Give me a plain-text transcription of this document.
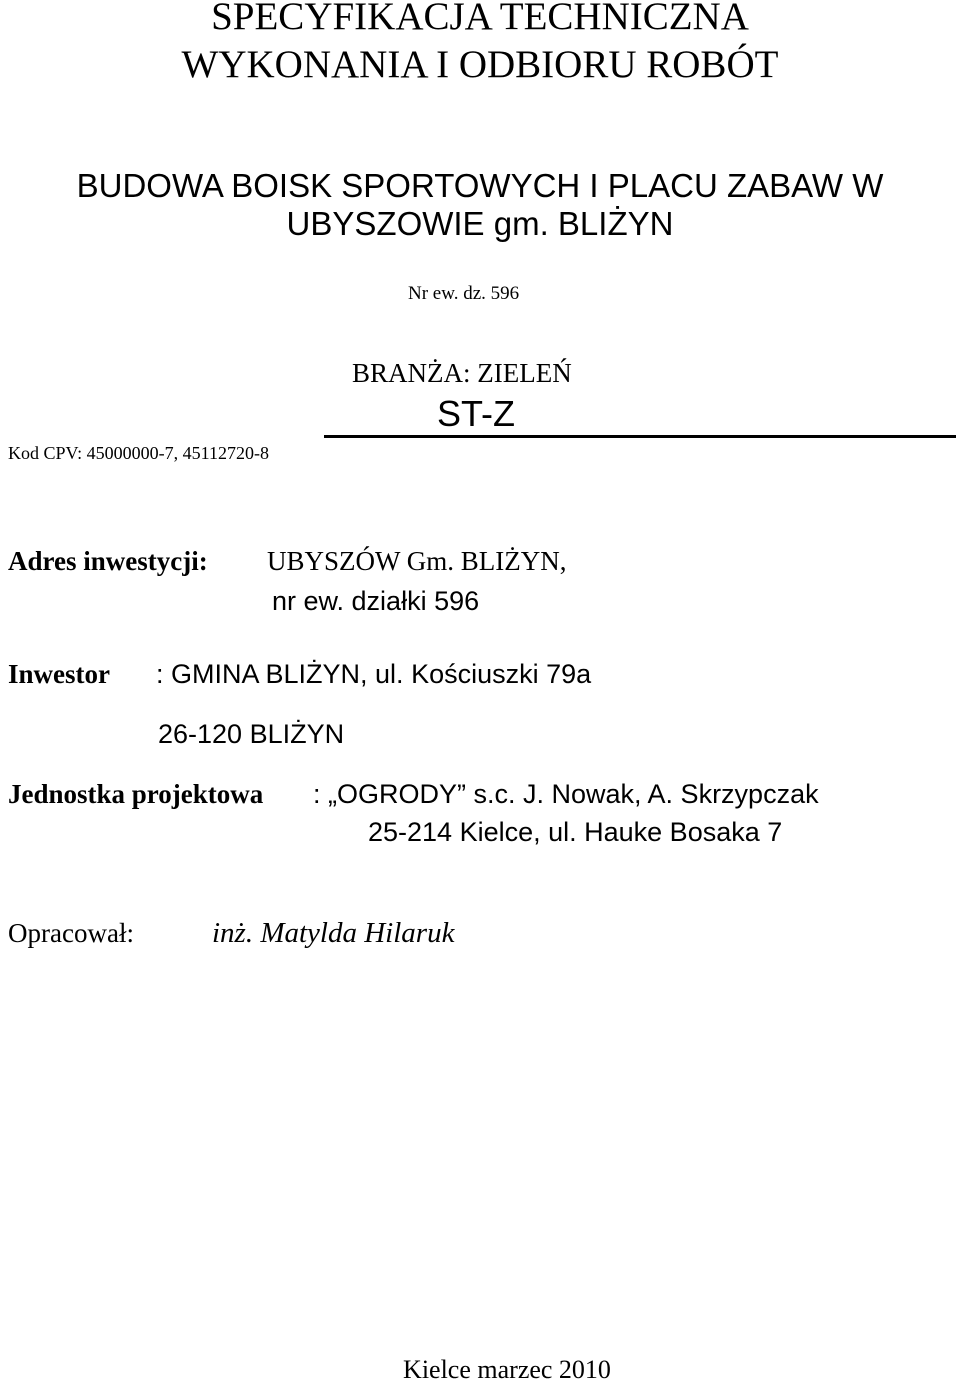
SPECYFIKACJA TECHNICZNA
WYKONANIA I ODBIORU ROBÓT
BUDOWA BOISK SPORTOWYCH I PLACU ZABAW W
UBYSZOWIE gm. BLIŻYN
Nr ew. dz. 596
BRANŻA: ZIELEŃ
ST-Z
Kod CPV: 45000000-7, 45112720-8
Adres inwestycji: UBYSZÓW Gm. BLIŻYN,
nr ew. działki 596
Inwestor : GMINA BLIŻYN, ul. Kościuszki 79a
26-120 BLIŻYN
Jednostka projektowa : „OGRODY” s.c. J. Nowak, A. Skrzypczak
25-214 Kielce, ul. Hauke Bosaka 7
Opracował:	inż. Matylda Hilaruk
Kielce marzec 2010
